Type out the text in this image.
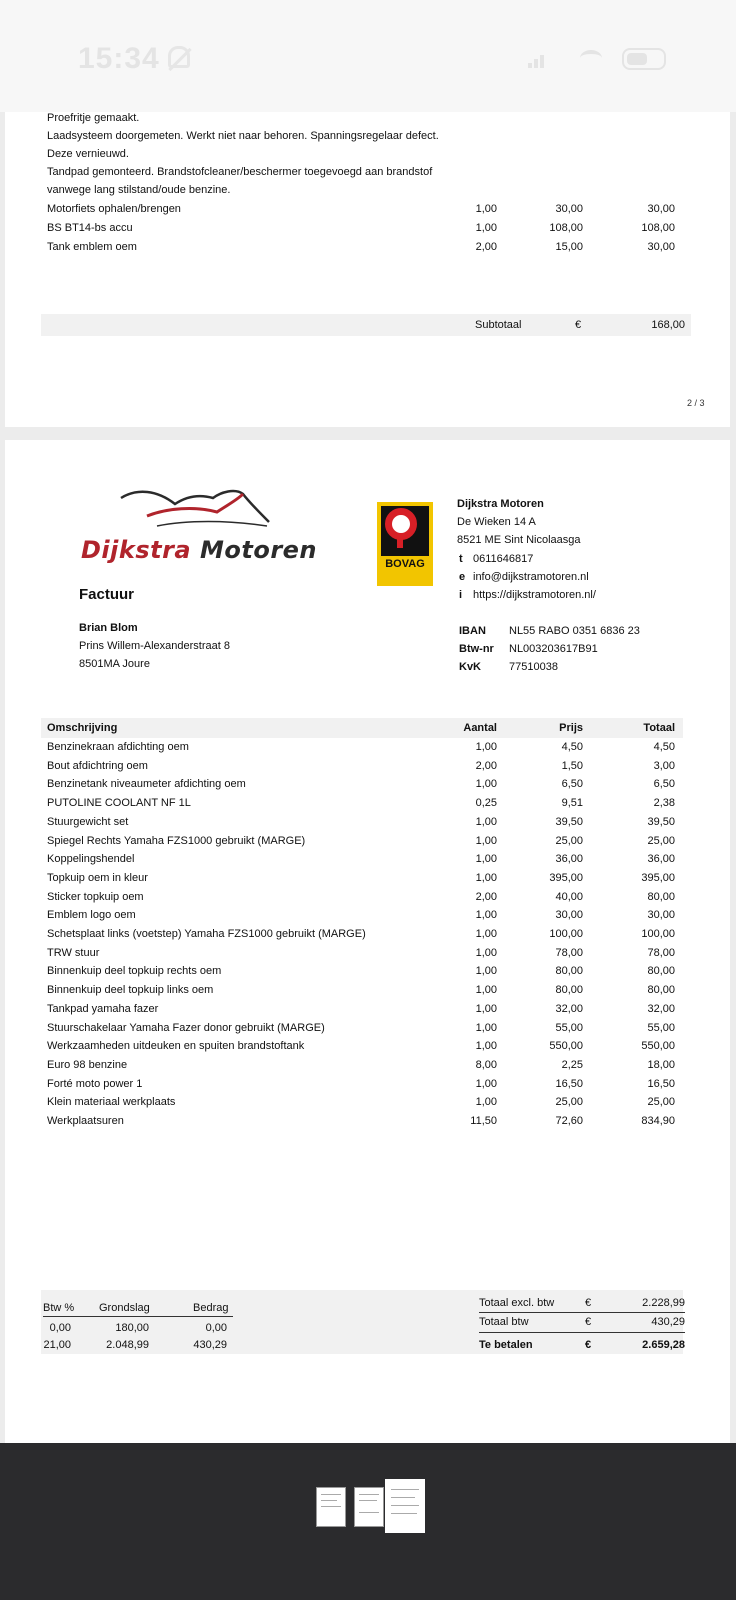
15:34
Proefritje gemaakt.
Laadsysteem doorgemeten. Werkt niet naar behoren. Spanningsregelaar defect.
Deze vernieuwd.
Tandpad gemonteerd. Brandstofcleaner/beschermer toegevoegd aan brandstof
vanwege lang stilstand/oude benzine.
Motorfiets ophalen/brengen	1,00	30,00	30,00
BS BT14-bs accu	1,00	108,00	108,00
Tank emblem oem	2,00	15,00	30,00
Subtotaal	€	168,00
2 / 3
Dijkstra Motoren	BOVAG
Dijkstra Motoren
De Wieken 14 A
8521 ME Sint Nicolaasga
t 0611646817
e info@dijkstramotoren.nl
i https://dijkstramotoren.nl/
IBAN NL55 RABO 0351 6836 23
Btw-nr NL003203617B91
KvK	77510038
Factuur
Brian Blom
Prins Willem-Alexanderstraat 8
8501MA Joure
Omschrijving	Aantal	Prijs	Totaal
Benzinekraan afdichting oem	1,00	4,50	4,50
Bout afdichtring oem	2,00	1,50	3,00
Benzinetank niveaumeter afdichting oem	1,00	6,50	6,50
PUTOLINE COOLANT NF 1L	0,25	9,51	2,38
Stuurgewicht set	1,00	39,50	39,50
Spiegel Rechts Yamaha FZS1000 gebruikt (MARGE)	1,00	25,00	25,00
Koppelingshendel	1,00	36,00	36,00
Topkuip oem in kleur	1,00	395,00	395,00
Sticker topkuip oem	2,00	40,00	80,00
Emblem logo oem	1,00	30,00	30,00
Schetsplaat links (voetstep) Yamaha FZS1000 gebruikt (MARGE)	1,00	100,00	100,00
TRW stuur	1,00	78,00	78,00
Binnenkuip deel topkuip rechts oem	1,00	80,00	80,00
Binnenkuip deel topkuip links oem	1,00	80,00	80,00
Tankpad yamaha fazer	1,00	32,00	32,00
Stuurschakelaar Yamaha Fazer donor gebruikt (MARGE)	1,00	55,00	55,00
Werkzaamheden uitdeuken en spuiten brandstoftank	1,00	550,00	550,00
Euro 98 benzine	8,00	2,25	18,00
Forté moto power 1	1,00	16,50	16,50
Klein materiaal werkplaats	1,00	25,00	25,00
Werkplaatsuren	11,50	72,60	834,90
Btw % Grondslag	Bedrag
0,00	180,00	0,00
21,00	2.048,99	430,29
Totaal excl. btw	€	2.228,99
Totaal btw	€	430,29
Te betalen	€	2.659,28
